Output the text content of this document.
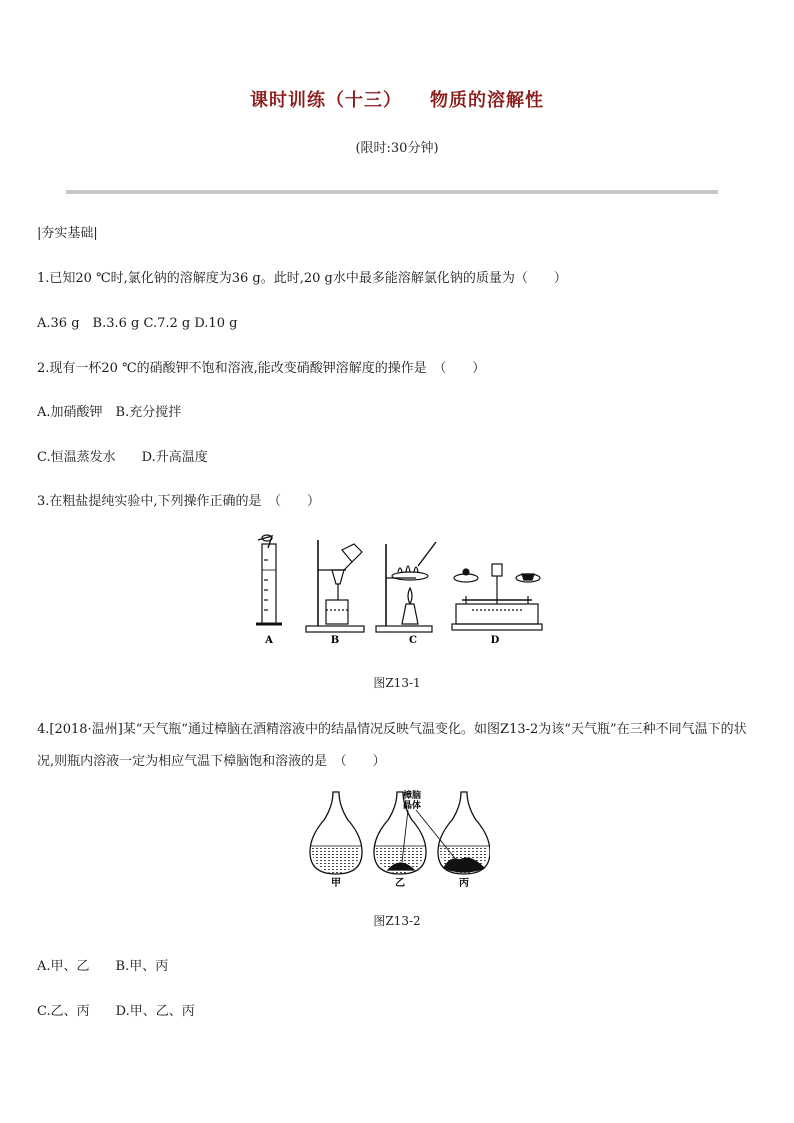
课时训练（十三） 物质的溶解性
(限时:30分钟)
|夯实基础|
1.已知20 ℃时,氯化钠的溶解度为36 g。此时,20 g水中最多能溶解氯化钠的质量为（　　）
A.36 g　B.3.6 g C.7.2 g D.10 g
2.现有一杯20 ℃的硝酸钾不饱和溶液,能改变硝酸钾溶解度的操作是　（　　）
A.加硝酸钾　B.充分搅拌
C.恒温蒸发水　　D.升高温度
3.在粗盐提纯实验中,下列操作正确的是　（　　）
A	B	C	D
图Z13-1
4.[2018·温州]某“天气瓶”通过樟脑在酒精溶液中的结晶情况反映气温变化。如图Z13-2为该“天气瓶”在三种不同气温下的状况,则瓶内溶液一定为相应气温下樟脑饱和溶液的是　（　　）
樟脑
晶体
甲	乙	丙
图Z13-2
A.甲、乙　　B.甲、丙
C.乙、丙　　D.甲、乙、丙
